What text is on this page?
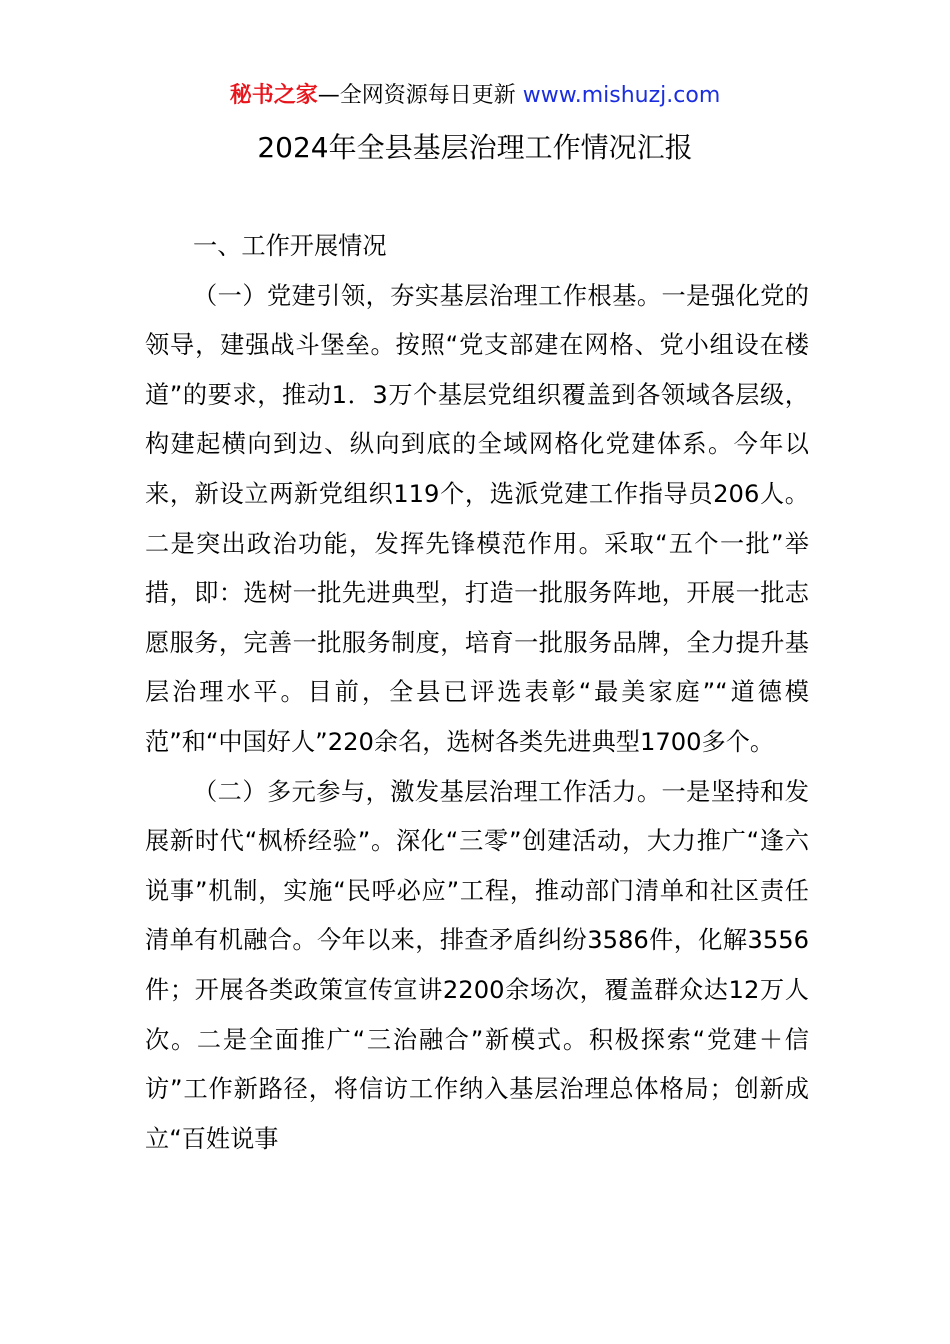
秘书之家—全网资源每日更新 www.mishuzj.com
2024年全县基层治理工作情况汇报

一、工作开展情况

（一）党建引领，夯实基层治理工作根基。一是强化党的领导，建强战斗堡垒。按照“党支部建在网格、党小组设在楼道”的要求，推动1．3万个基层党组织覆盖到各领域各层级，构建起横向到边、纵向到底的全域网格化党建体系。今年以来，新设立两新党组织119个，选派党建工作指导员206人。二是突出政治功能，发挥先锋模范作用。采取“五个一批”举措，即：选树一批先进典型，打造一批服务阵地，开展一批志愿服务，完善一批服务制度，培育一批服务品牌，全力提升基层治理水平。目前，全县已评选表彰“最美家庭”“道德模范”和“中国好人”220余名，选树各类先进典型1700多个。

（二）多元参与，激发基层治理工作活力。一是坚持和发展新时代“枫桥经验”。深化“三零”创建活动，大力推广“逢六说事”机制，实施“民呼必应”工程，推动部门清单和社区责任清单有机融合。今年以来，排查矛盾纠纷3586件，化解3556件；开展各类政策宣传宣讲2200余场次，覆盖群众达12万人次。二是全面推广“三治融合”新模式。积极探索“党建＋信访”工作新路径，将信访工作纳入基层治理总体格局；创新成立“百姓说事
